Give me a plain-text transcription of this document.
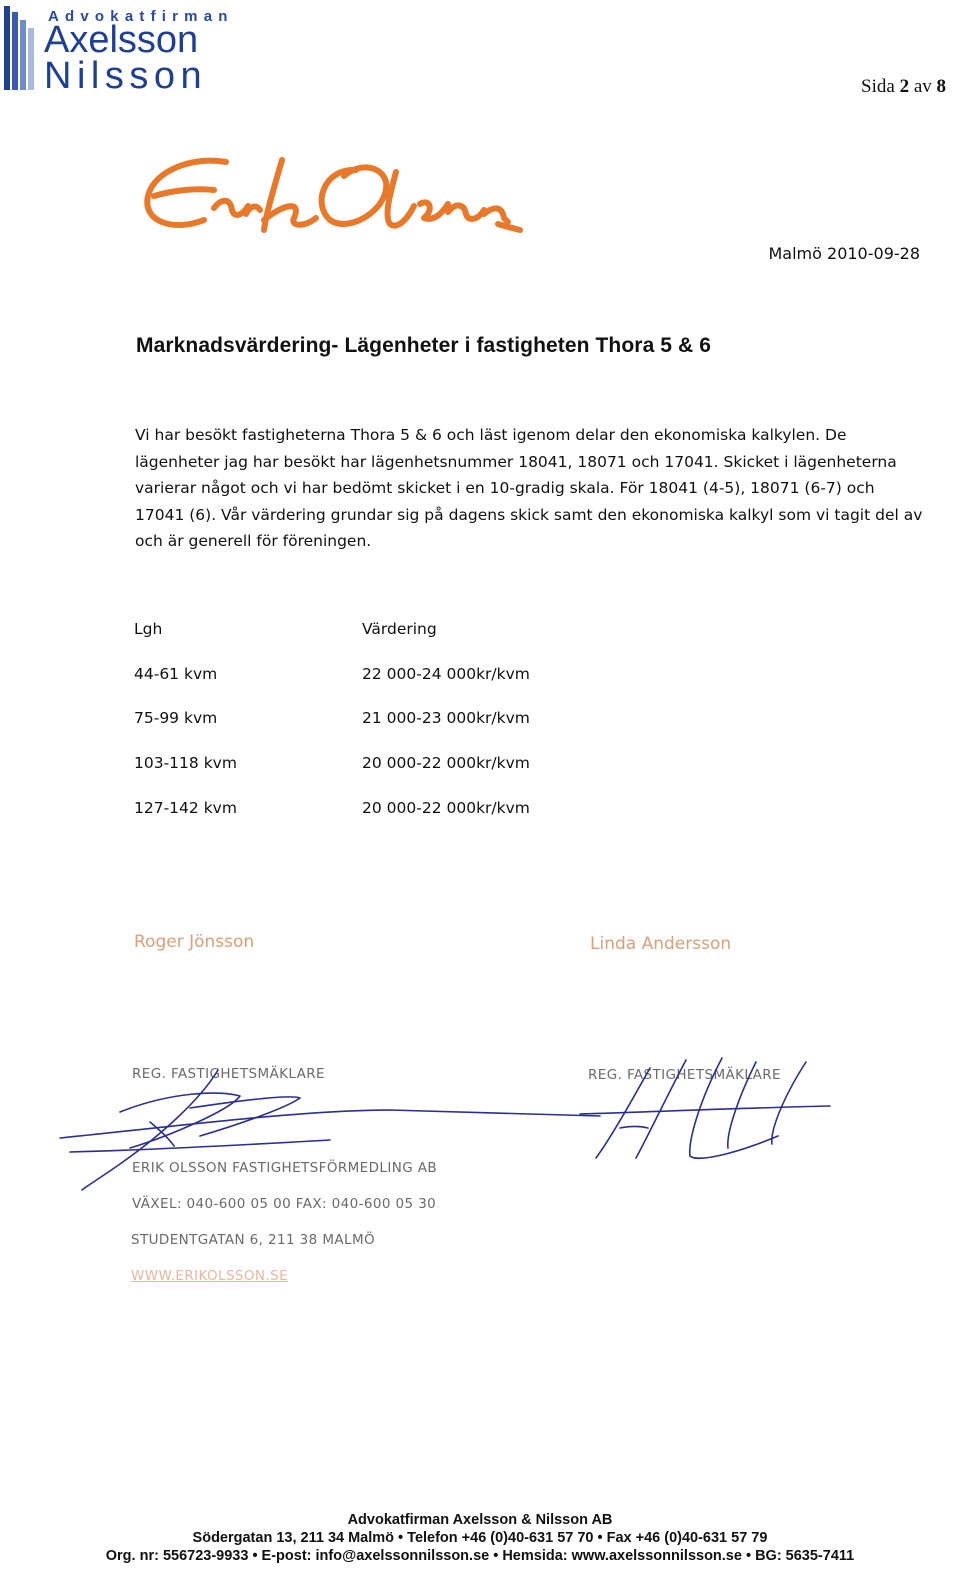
Advokatfirman
Axelsson
Nilsson	Sida 2 av 8
Malmö 2010-09-28
Marknadsvärdering- Lägenheter i fastigheten Thora 5 & 6
Vi har besökt fastigheterna Thora 5 & 6 och läst igenom delar den ekonomiska kalkylen. De lägenheter jag har besökt har lägenhetsnummer 18041, 18071 och 17041. Skicket i lägenheterna varierar något och vi har bedömt skicket i en 10-gradig skala. För 18041 (4-5), 18071 (6-7) och 17041 (6). Vår värdering grundar sig på dagens skick samt den ekonomiska kalkyl som vi tagit del av och är generell för föreningen.
Lgh	Värdering
44-61 kvm	22 000-24 000kr/kvm
75-99 kvm	21 000-23 000kr/kvm
103-118 kvm	20 000-22 000kr/kvm
127-142 kvm	20 000-22 000kr/kvm
Roger Jönsson	Linda Andersson
REG. FASTIGHETSMÄKLARE	REG. FASTIGHETSMÄKLARE
ERIK OLSSON FASTIGHETSFÖRMEDLING AB
VÄXEL: 040-600 05 00 FAX: 040-600 05 30
STUDENTGATAN 6, 211 38 MALMÖ
WWW.ERIKOLSSON.SE
Advokatfirman Axelsson & Nilsson AB
Södergatan 13, 211 34 Malmö • Telefon +46 (0)40-631 57 70 • Fax +46 (0)40-631 57 79
Org. nr: 556723-9933 • E-post: info@axelssonnilsson.se • Hemsida: www.axelssonnilsson.se • BG: 5635-7411
